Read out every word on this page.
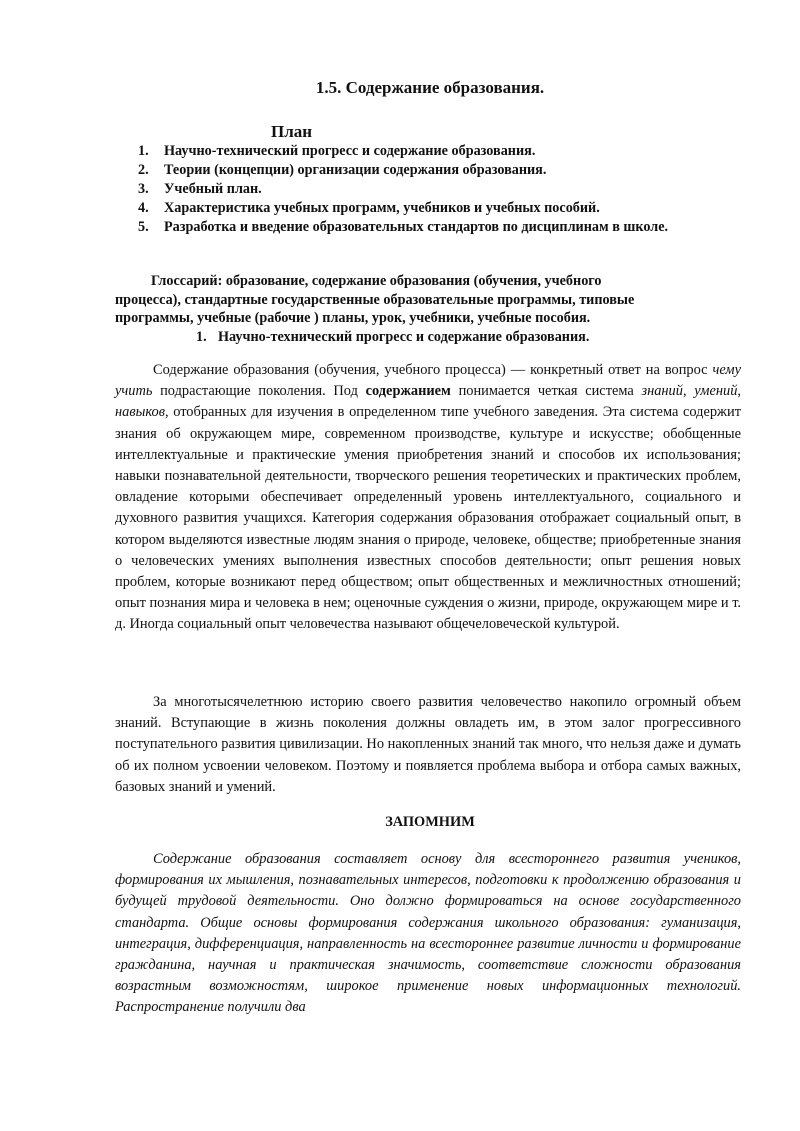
1.5. Содержание образования.
План
1.	Научно-технический прогресс и содержание образования.
2.	Теории (концепции) организации содержания образования.
3.	Учебный план.
4.	Характеристика учебных программ, учебников и учебных пособий.
5.	Разработка и введение образовательных стандартов по дисциплинам в школе.

Глоссарий: образование, содержание образования (обучения, учебного

процесса), стандартные государственные образовательные программы, типовые

программы, учебные (рабочие ) планы, урок, учебники, учебные пособия.

1. Научно-технический прогресс и содержание образования.

Содержание образования (обучения, учебного процесса) — конкретный ответ на вопрос чему учить подрастающие поколения. Под содержанием понимается четкая система знаний, умений, навыков, отобранных для изучения в определенном типе учебного заведения. Эта система содержит знания об окружающем мире, современном производстве, культуре и искусстве; обобщенные интеллектуальные и практические умения приобретения знаний и способов их использования; навыки познавательной деятельности, творческого решения теоретических и практических проблем, овладение которыми обеспечивает определенный уровень интеллектуального, социального и духовного развития учащихся. Категория содержания образования отображает социальный опыт, в котором выделяются известные людям знания о природе, человеке, обществе; приобретенные знания о человеческих умениях выполнения известных способов деятельности; опыт решения новых проблем, которые возникают перед обществом; опыт общественных и межличностных отношений; опыт познания мира и человека в нем; оценочные суждения о жизни, природе, окружающем мире и т. д. Иногда социальный опыт человечества называют общечеловеческой культурой.

За многотысячелетнюю историю своего развития человечество накопило огромный объем знаний. Вступающие в жизнь поколения должны овладеть им, в этом залог прогрессивного поступательного развития цивилизации. Но накопленных знаний так много, что нельзя даже и думать об их полном усвоении человеком. Поэтому и появляется проблема выбора и отбора самых важных, базовых знаний и умений.

ЗАПОМНИМ

Содержание образования составляет основу для всестороннего развития учеников, формирования их мышления, познавательных интересов, подготовки к продолжению образования и будущей трудовой деятельности. Оно должно формироваться на основе государственного стандарта. Общие основы формирования содержания школьного образования: гуманизация, интеграция, дифференциация, направленность на всестороннее развитие личности и формирование гражданина, научная и практическая значимость, соответствие сложности образования возрастным возможностям, широкое применение новых информационных технологий. Распространение получили два
